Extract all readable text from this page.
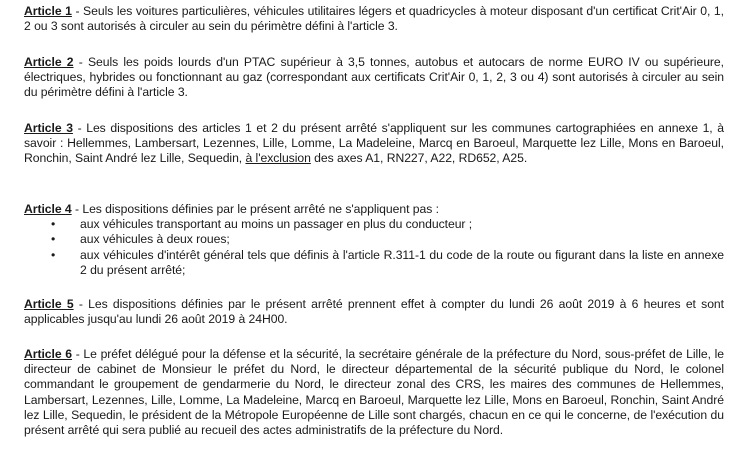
Article 1 - Seuls les voitures particulières, véhicules utilitaires légers et quadricycles à moteur disposant d'un certificat Crit'Air 0, 1, 2 ou 3 sont autorisés à circuler au sein du périmètre défini à l'article 3.

Article 2 - Seuls les poids lourds d'un PTAC supérieur à 3,5 tonnes, autobus et autocars de norme EURO IV ou supérieure, électriques, hybrides ou fonctionnant au gaz (correspondant aux certificats Crit'Air 0, 1, 2, 3 ou 4) sont autorisés à circuler au sein du périmètre défini à l'article 3.

Article 3 - Les dispositions des articles 1 et 2 du présent arrêté s'appliquent sur les communes cartographiées en annexe 1, à savoir : Hellemmes, Lambersart, Lezennes, Lille, Lomme, La Madeleine, Marcq en Baroeul, Marquette lez Lille, Mons en Baroeul, Ronchin, Saint André lez Lille, Sequedin, à l'exclusion des axes A1, RN227, A22, RD652, A25.

Article 4 - Les dispositions définies par le présent arrêté ne s'appliquent pas :

• aux véhicules transportant au moins un passager en plus du conducteur ;
• aux véhicules à deux roues;
• aux véhicules d'intérêt général tels que définis à l'article R.311-1 du code de la route ou figurant dans la liste en annexe 2 du présent arrêté;

Article 5 - Les dispositions définies par le présent arrêté prennent effet à compter du lundi 26 août 2019 à 6 heures et sont applicables jusqu'au lundi 26 août 2019 à 24H00.

Article 6 - Le préfet délégué pour la défense et la sécurité, la secrétaire générale de la préfecture du Nord, sous-préfet de Lille, le directeur de cabinet de Monsieur le préfet du Nord, le directeur départemental de la sécurité publique du Nord, le colonel commandant le groupement de gendarmerie du Nord, le directeur zonal des CRS, les maires des communes de Hellemmes, Lambersart, Lezennes, Lille, Lomme, La Madeleine, Marcq en Baroeul, Marquette lez Lille, Mons en Baroeul, Ronchin, Saint André lez Lille, Sequedin, le président de la Métropole Européenne de Lille sont chargés, chacun en ce qui le concerne, de l'exécution du présent arrêté qui sera publié au recueil des actes administratifs de la préfecture du Nord.
